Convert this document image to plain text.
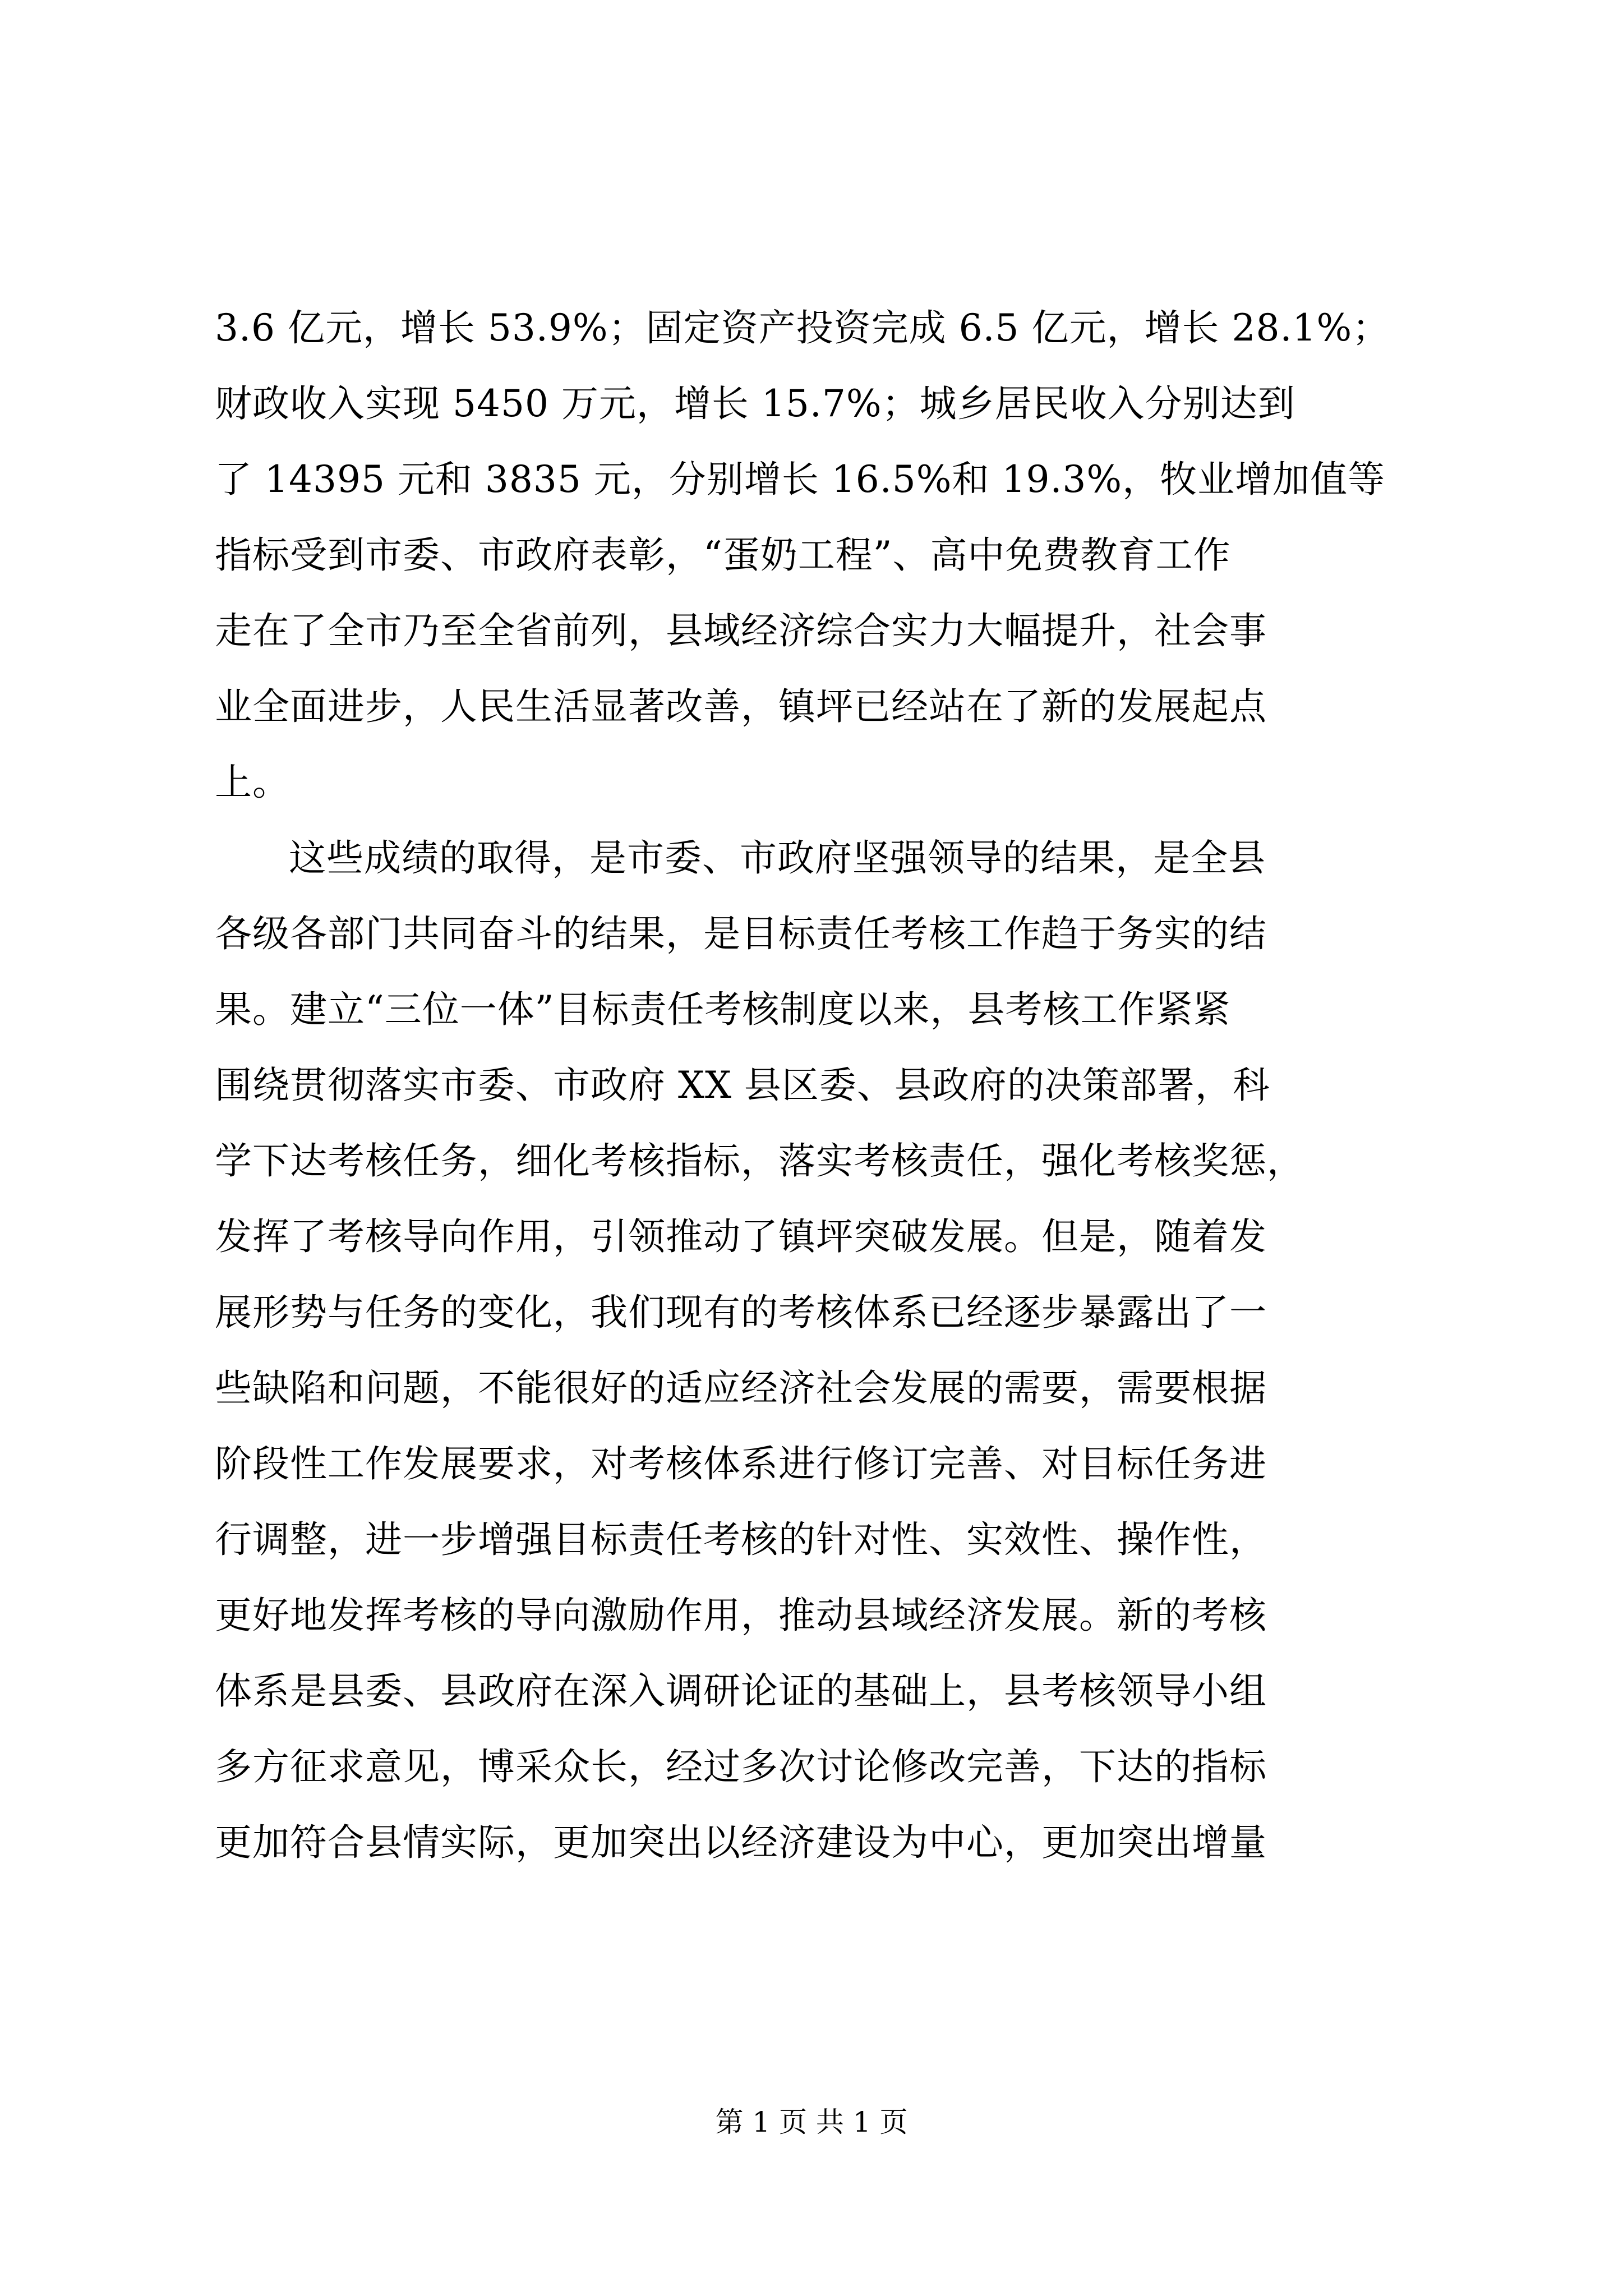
3.6 亿元，增长 53.9%；固定资产投资完成 6.5 亿元，增长 28.1%；
财政收入实现 5450 万元，增长 15.7%；城乡居民收入分别达到
了 14395 元和 3835 元，分别增长 16.5%和 19.3%，牧业增加值等
指标受到市委、市政府表彰，“蛋奶工程”、高中免费教育工作
走在了全市乃至全省前列，县域经济综合实力大幅提升，社会事
业全面进步，人民生活显著改善，镇坪已经站在了新的发展起点
上。
这些成绩的取得，是市委、市政府坚强领导的结果，是全县
各级各部门共同奋斗的结果，是目标责任考核工作趋于务实的结
果。建立“三位一体”目标责任考核制度以来，县考核工作紧紧
围绕贯彻落实市委、市政府 XX 县区委、县政府的决策部署，科
学下达考核任务，细化考核指标，落实考核责任，强化考核奖惩，
发挥了考核导向作用，引领推动了镇坪突破发展。但是，随着发
展形势与任务的变化，我们现有的考核体系已经逐步暴露出了一
些缺陷和问题，不能很好的适应经济社会发展的需要，需要根据
阶段性工作发展要求，对考核体系进行修订完善、对目标任务进
行调整，进一步增强目标责任考核的针对性、实效性、操作性，
更好地发挥考核的导向激励作用，推动县域经济发展。新的考核
体系是县委、县政府在深入调研论证的基础上，县考核领导小组
多方征求意见，博采众长，经过多次讨论修改完善，下达的指标
更加符合县情实际，更加突出以经济建设为中心，更加突出增量
第 1 页 共 1 页
